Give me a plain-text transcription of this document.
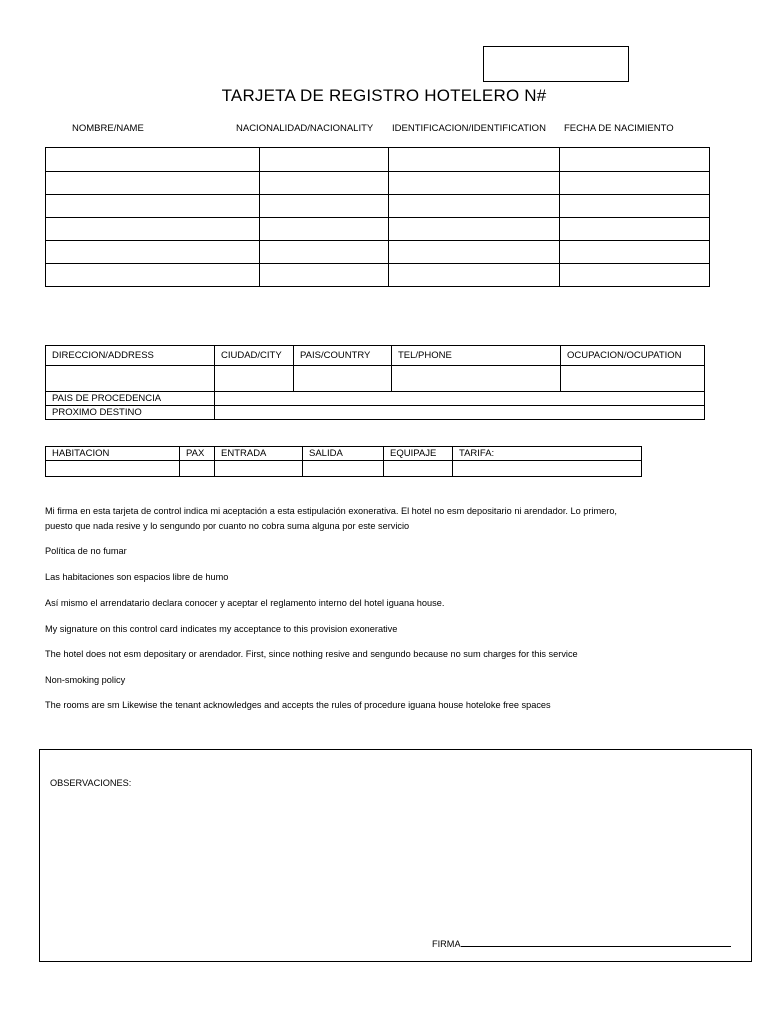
TARJETA DE REGISTRO HOTELERO N#
NOMBRE/NAME	NACIONALIDAD/NACIONALITY IDENTIFICACION/IDENTIFICATION FECHA DE NACIMIENTO

DIRECCION/ADDRESS	CIUDAD/CITY	PAIS/COUNTRY	TEL/PHONE	OCUPACION/OCUPATION

PAIS DE PROCEDENCIA				
PROXIMO DESTINO				
HABITACION	PAX	ENTRADA	SALIDA	EQUIPAJE	TARIFA:

Mi firma en esta tarjeta de control indica mi aceptación a esta estipulación exonerativa. El hotel no esm depositario ni arendador. Lo primero,
puesto que nada resive y lo sengundo por cuanto no cobra suma alguna por este servicio
Política de no fumar
Las habitaciones son espacios libre de humo
Así mismo el arrendatario declara conocer y aceptar el reglamento interno del hotel iguana house.
My signature on this control card indicates my acceptance to this provision exonerative
The hotel does not esm depositary or arendador. First, since nothing resive and sengundo because no sum charges for this service
Non-smoking policy
The rooms are sm Likewise the tenant acknowledges and accepts the rules of procedure iguana house hoteloke free spaces
OBSERVACIONES:
FIRMA
